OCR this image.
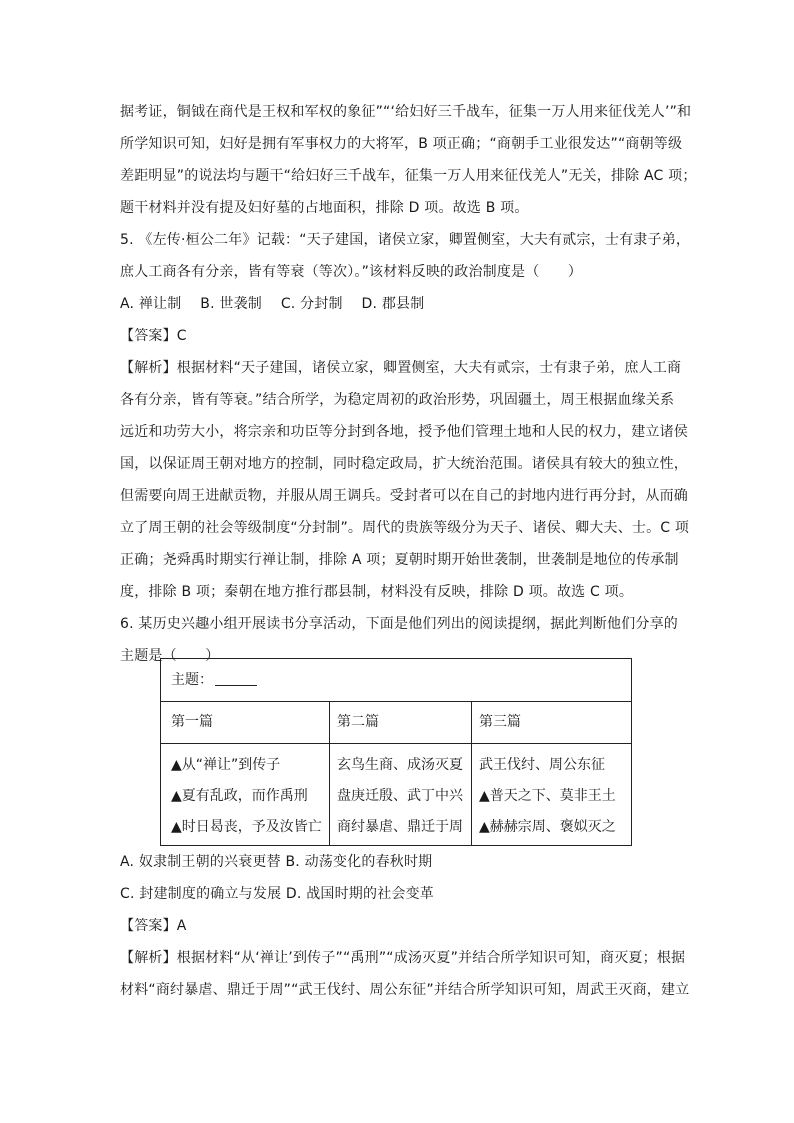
据考证，铜钺在商代是王权和军权的象征”“‘给妇好三千战车，征集一万人用来征伐羌人’”和
所学知识可知，妇好是拥有军事权力的大将军，B 项正确；“商朝手工业很发达”“商朝等级
差距明显”的说法均与题干“给妇好三千战车，征集一万人用来征伐羌人”无关，排除 AC 项；
题干材料并没有提及妇好墓的占地面积，排除 D 项。故选 B 项。
5. 《左传·桓公二年》记载：“天子建国，诸侯立家，卿置侧室，大夫有贰宗，士有隶子弟，
庶人工商各有分亲，皆有等衰（等次）。”该材料反映的政治制度是（　　）
A. 禅让制　 B. 世袭制　 C. 分封制　 D. 郡县制
【答案】C
【解析】根据材料“天子建国，诸侯立家，卿置侧室，大夫有贰宗，士有隶子弟，庶人工商
各有分亲，皆有等衰。”结合所学，为稳定周初的政治形势，巩固疆土，周王根据血缘关系
远近和功劳大小，将宗亲和功臣等分封到各地，授予他们管理土地和人民的权力，建立诸侯
国，以保证周王朝对地方的控制，同时稳定政局，扩大统治范围。诸侯具有较大的独立性，
但需要向周王进献贡物，并服从周王调兵。受封者可以在自己的封地内进行再分封，从而确
立了周王朝的社会等级制度“分封制”。周代的贵族等级分为天子、诸侯、卿大夫、士。C 项
正确；尧舜禹时期实行禅让制，排除 A 项；夏朝时期开始世袭制，世袭制是地位的传承制
度，排除 B 项；秦朝在地方推行郡县制，材料没有反映，排除 D 项。故选 C 项。
6. 某历史兴趣小组开展读书分享活动，下面是他们列出的阅读提纲，据此判断他们分享的
主题是（　　）
主题：
第一篇	第二篇	第三篇
▲从“禅让”到传子	玄鸟生商、成汤灭夏 武王伐纣、周公东征
▲夏有乱政，而作禹刑 盘庚迁殷、武丁中兴 ▲普天之下、莫非王土
▲时日曷丧，予及汝皆亡 商纣暴虐、鼎迁于周 ▲赫赫宗周、褒姒灭之
A. 奴隶制王朝的兴衰更替 B. 动荡变化的春秋时期
C. 封建制度的确立与发展 D. 战国时期的社会变革
【答案】A
【解析】根据材料“从‘禅让’到传子”“禹刑”“成汤灭夏”并结合所学知识可知，商灭夏；根据
材料“商纣暴虐、鼎迁于周”“武王伐纣、周公东征”并结合所学知识可知，周武王灭商，建立
